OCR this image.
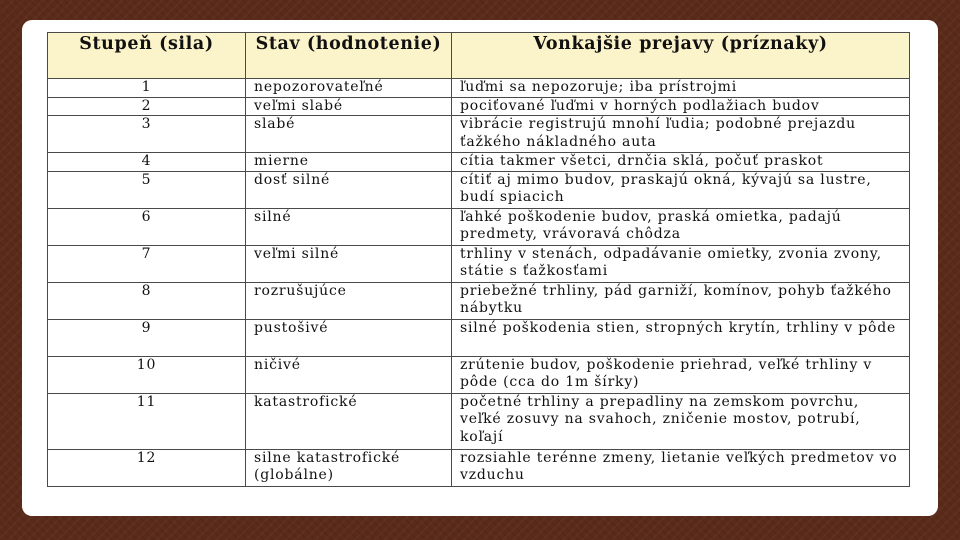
Stupeň (sila)	Stav (hodnotenie)	Vonkajšie prejavy (príznaky)
1	nepozorovateľné	ľuďmi sa nepozoruje; iba prístrojmi
2	veľmi slabé	pociťované ľuďmi v horných podlažiach budov
3	slabé	vibrácie registrujú mnohí ľudia; podobné prejazdu ťažkého nákladného auta
4	mierne	cítia takmer všetci, drnčia sklá, počuť praskot
5	dosť silné	cítiť aj mimo budov, praskajú okná, kývajú sa lustre, budí spiacich
6	silné	ľahké poškodenie budov, praská omietka, padajú predmety, vrávoravá chôdza
7	veľmi silné	trhliny v stenách, odpadávanie omietky, zvonia zvony, státie s ťažkosťami
8	rozrušujúce	priebežné trhliny, pád garniží, komínov, pohyb ťažkého nábytku
9	pustošivé	silné poškodenia stien, stropných krytín, trhliny v pôde
10	ničivé	zrútenie budov, poškodenie priehrad, veľké trhliny v pôde (cca do 1m šírky)
11	katastrofické	početné trhliny a prepadliny na zemskom povrchu, veľké zosuvy na svahoch, zničenie mostov, potrubí, koľají
12	silne katastrofické (globálne)	rozsiahle terénne zmeny, lietanie veľkých predmetov vo vzduchu
